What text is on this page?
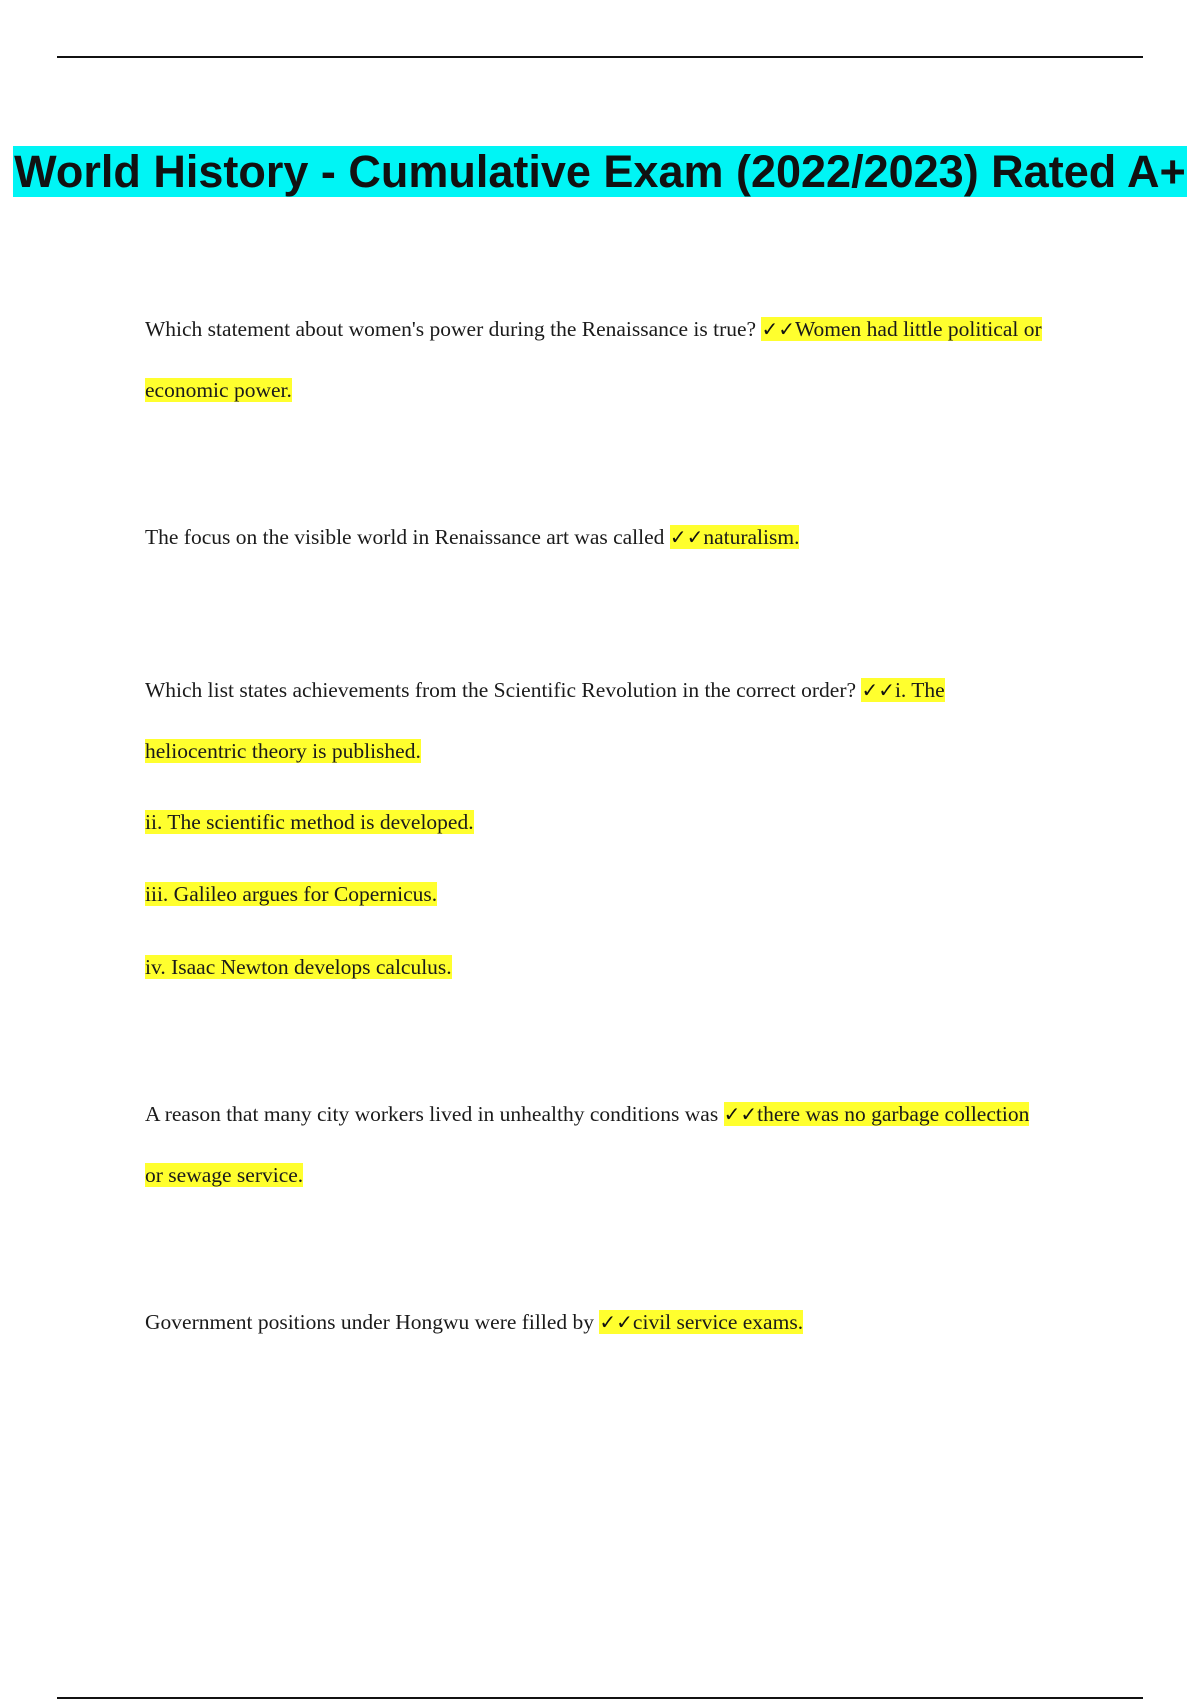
World History - Cumulative Exam (2022/2023) Rated A+
Which statement about women's power during the Renaissance is true? ✓✓Women had little political or economic power.
The focus on the visible world in Renaissance art was called ✓✓naturalism.
Which list states achievements from the Scientific Revolution in the correct order? ✓✓i. The heliocentric theory is published.
ii. The scientific method is developed.
iii. Galileo argues for Copernicus.
iv. Isaac Newton develops calculus.
A reason that many city workers lived in unhealthy conditions was ✓✓there was no garbage collection or sewage service.
Government positions under Hongwu were filled by ✓✓civil service exams.
